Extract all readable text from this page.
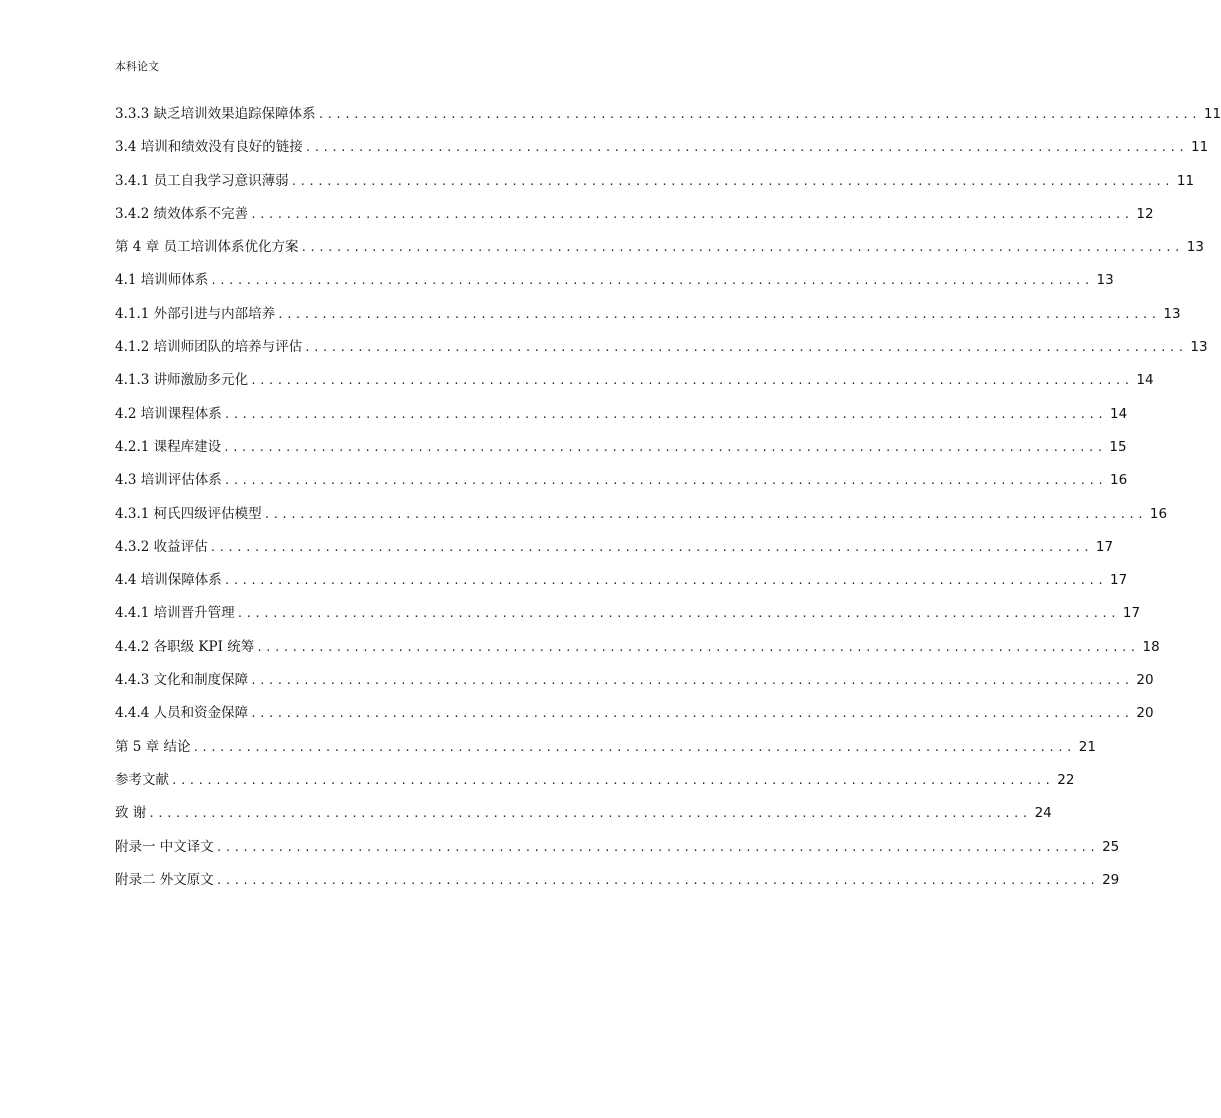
本科论文
3.3.3 缺乏培训效果追踪保障体系 .................................................................................................... 11
3.4 培训和绩效没有良好的链接 .................................................................................................... 11
3.4.1 员工自我学习意识薄弱 .................................................................................................... 11
3.4.2 绩效体系不完善 .................................................................................................... 12
第 4 章 员工培训体系优化方案 .................................................................................................... 13
4.1 培训师体系 .................................................................................................... 13
4.1.1 外部引进与内部培养 .................................................................................................... 13
4.1.2 培训师团队的培养与评估 .................................................................................................... 13
4.1.3 讲师激励多元化 .................................................................................................... 14
4.2 培训课程体系 .................................................................................................... 14
4.2.1 课程库建设 .................................................................................................... 15
4.3 培训评估体系 .................................................................................................... 16
4.3.1 柯氏四级评估模型 .................................................................................................... 16
4.3.2 收益评估 .................................................................................................... 17
4.4 培训保障体系 .................................................................................................... 17
4.4.1 培训晋升管理 .................................................................................................... 17
4.4.2 各职级 KPI 统筹 .................................................................................................... 18
4.4.3 文化和制度保障 .................................................................................................... 20
4.4.4 人员和资金保障 .................................................................................................... 20
第 5 章 结论 .................................................................................................... 21
参考文献 .................................................................................................... 22
致 谢 .................................................................................................... 24
附录一 中文译文 .................................................................................................... 25
附录二 外文原文 .................................................................................................... 29
